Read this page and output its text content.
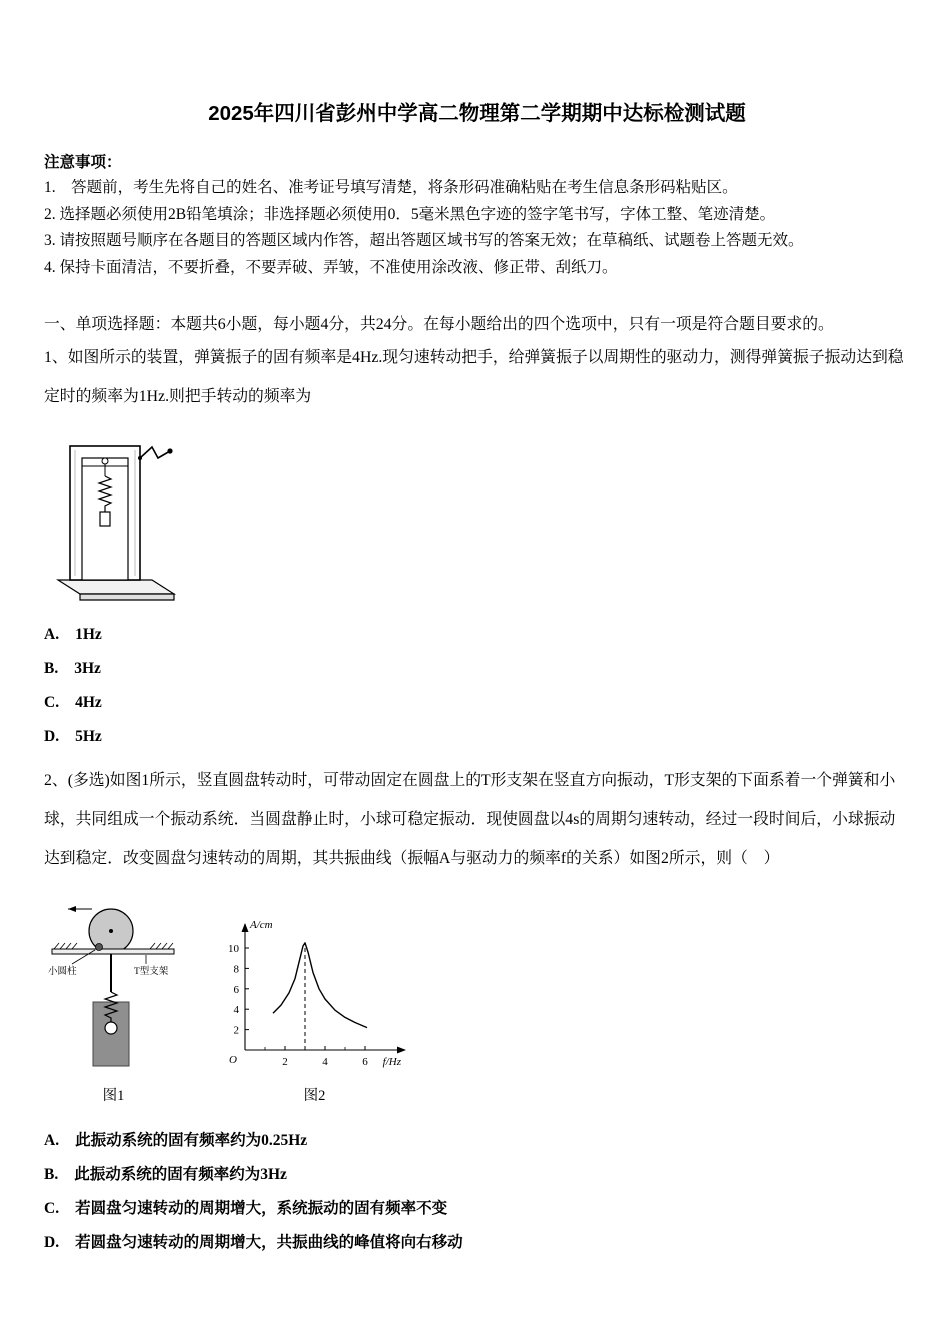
2025年四川省彭州中学高二物理第二学期期中达标检测试题
注意事项：
1.　答题前，考生先将自己的姓名、准考证号填写清楚，将条形码准确粘贴在考生信息条形码粘贴区。
2. 选择题必须使用2B铅笔填涂；非选择题必须使用0．5毫米黑色字迹的签字笔书写，字体工整、笔迹清楚。
3. 请按照题号顺序在各题目的答题区域内作答，超出答题区域书写的答案无效；在草稿纸、试题卷上答题无效。
4. 保持卡面清洁，不要折叠，不要弄破、弄皱，不准使用涂改液、修正带、刮纸刀。

一、单项选择题：本题共6小题，每小题4分，共24分。在每小题给出的四个选项中，只有一项是符合题目要求的。

1、如图所示的装置，弹簧振子的固有频率是4Hz.现匀速转动把手，给弹簧振子以周期性的驱动力，测得弹簧振子振动达到稳定时的频率为1Hz.则把手转动的频率为

A. 1Hz
B. 3Hz
C. 4Hz
D. 5Hz

2、(多选)如图1所示，竖直圆盘转动时，可带动固定在圆盘上的T形支架在竖直方向振动，T形支架的下面系着一个弹簧和小球，共同组成一个振动系统．当圆盘静止时，小球可稳定振动．现使圆盘以4s的周期匀速转动，经过一段时间后，小球振动达到稳定．改变圆盘匀速转动的周期，其共振曲线（振幅A与驱动力的频率f的关系）如图2所示，则（　）

小圆柱	T型支架
图1
2
4
6
8
10
2	4	6
A/cm
f/Hz
O
图2
A. 此振动系统的固有频率约为0.25Hz
B. 此振动系统的固有频率约为3Hz
C. 若圆盘匀速转动的周期增大，系统振动的固有频率不变
D. 若圆盘匀速转动的周期增大，共振曲线的峰值将向右移动
